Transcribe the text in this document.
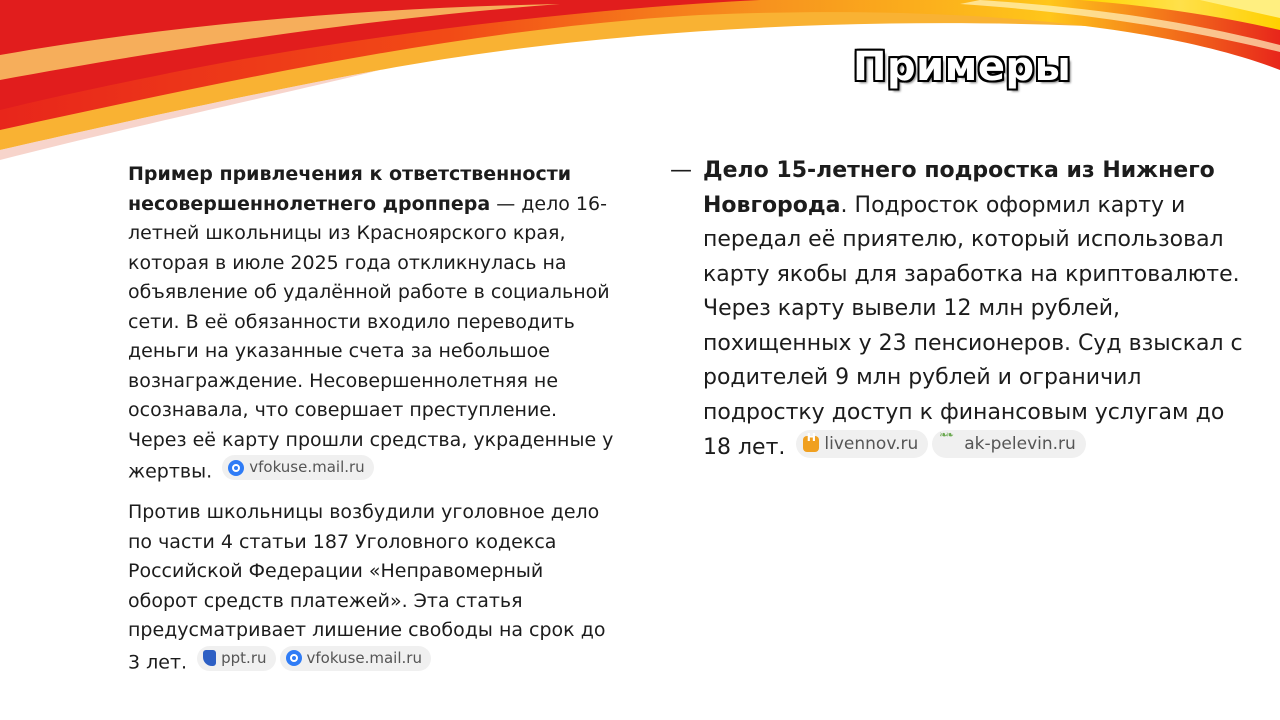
Примеры

Пример привлечения к ответственности несовершеннолетнего дроппера — дело 16-летней школьницы из Красноярского края, которая в июле 2025 года откликнулась на объявление об удалённой работе в социальной сети. В её обязанности входило переводить деньги на указанные счета за небольшое вознаграждение. Несовершеннолетняя не осознавала, что совершает преступление. Через её карту прошли средства, украденные у жертвы. vfokuse.mail.ru

Против школьницы возбудили уголовное дело по части 4 статьи 187 Уголовного кодекса Российской Федерации «Неправомерный оборот средств платежей». Эта статья предусматривает лишение свободы на срок до 3 лет. ppt.ru	vfokuse.mail.ru

— Дело 15-летнего подростка из Нижнего Новгорода. Подросток оформил карту и передал её приятелю, который использовал карту якобы для заработка на криптовалюте. Через карту вывели 12 млн рублей, похищенных у 23 пенсионеров. Суд взыскал с родителей 9 млн рублей и ограничил подростку доступ к финансовым услугам до 18 лет. H livennov.ru ❧❧	ak-pelevin.ru
